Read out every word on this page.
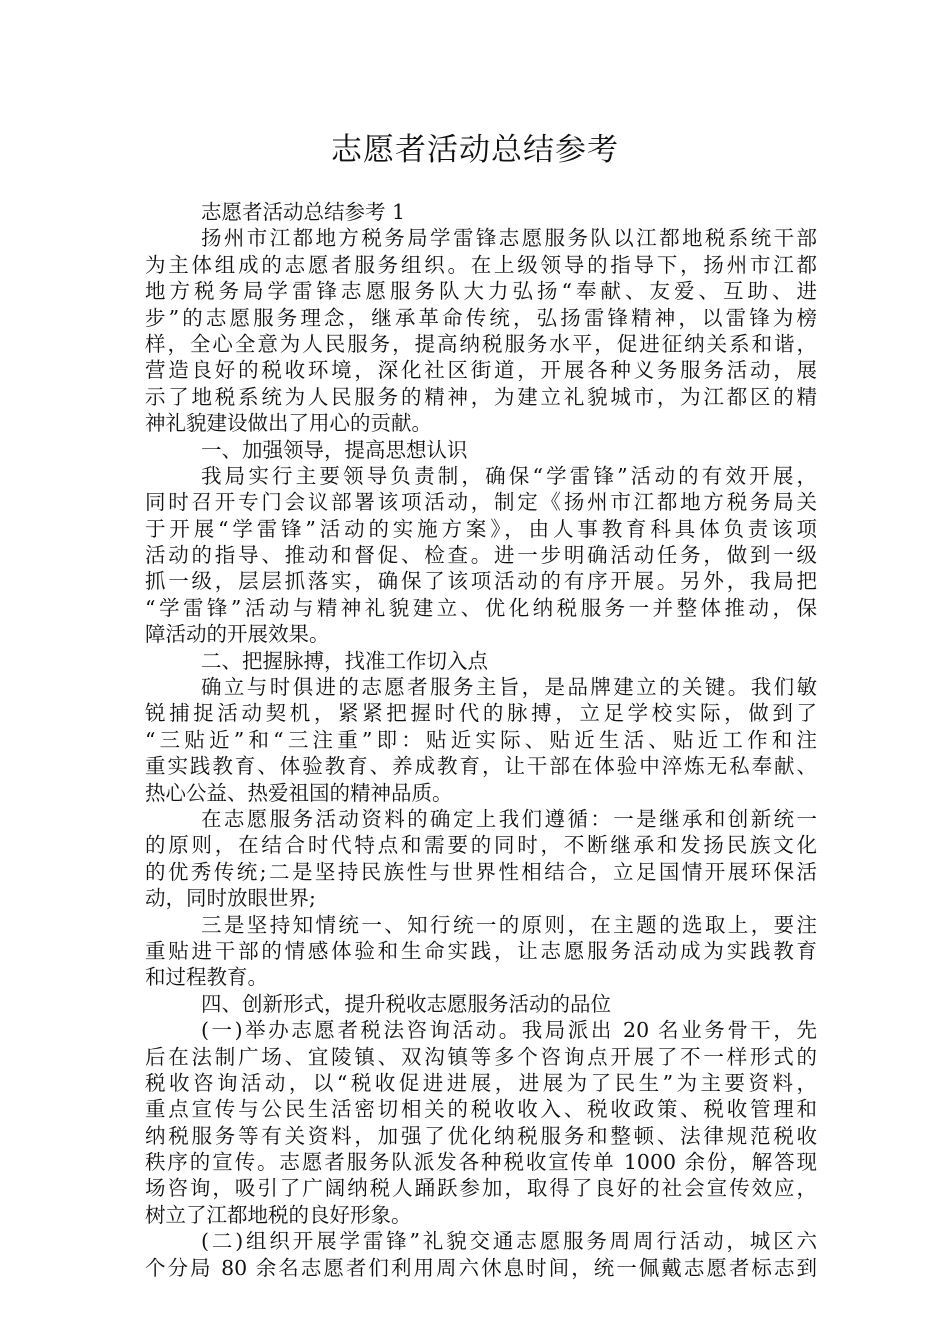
志愿者活动总结参考
志愿者活动总结参考 1
扬州市江都地方税务局学雷锋志愿服务队以江都地税系统干部
为主体组成的志愿者服务组织。在上级领导的指导下，扬州市江都
地方税务局学雷锋志愿服务队大力弘扬“奉献、友爱、互助、进
步”的志愿服务理念，继承革命传统，弘扬雷锋精神，以雷锋为榜
样，全心全意为人民服务，提高纳税服务水平，促进征纳关系和谐，
营造良好的税收环境，深化社区街道，开展各种义务服务活动，展
示了地税系统为人民服务的精神，为建立礼貌城市，为江都区的精
神礼貌建设做出了用心的贡献。
一、加强领导，提高思想认识
我局实行主要领导负责制，确保“学雷锋”活动的有效开展，
同时召开专门会议部署该项活动，制定《扬州市江都地方税务局关
于开展“学雷锋”活动的实施方案》，由人事教育科具体负责该项
活动的指导、推动和督促、检查。进一步明确活动任务，做到一级
抓一级，层层抓落实，确保了该项活动的有序开展。另外，我局把
“学雷锋”活动与精神礼貌建立、优化纳税服务一并整体推动，保
障活动的开展效果。
二、把握脉搏，找准工作切入点
确立与时俱进的志愿者服务主旨，是品牌建立的关键。我们敏
锐捕捉活动契机，紧紧把握时代的脉搏，立足学校实际，做到了
“三贴近”和“三注重”即：贴近实际、贴近生活、贴近工作和注
重实践教育、体验教育、养成教育，让干部在体验中淬炼无私奉献、
热心公益、热爱祖国的精神品质。
在志愿服务活动资料的确定上我们遵循：一是继承和创新统一
的原则，在结合时代特点和需要的同时，不断继承和发扬民族文化
的优秀传统;二是坚持民族性与世界性相结合，立足国情开展环保活
动，同时放眼世界;
三是坚持知情统一、知行统一的原则，在主题的选取上，要注
重贴进干部的情感体验和生命实践，让志愿服务活动成为实践教育
和过程教育。
四、创新形式，提升税收志愿服务活动的品位
(一)举办志愿者税法咨询活动。我局派出 20 名业务骨干，先
后在法制广场、宜陵镇、双沟镇等多个咨询点开展了不一样形式的
税收咨询活动，以“税收促进进展，进展为了民生”为主要资料，
重点宣传与公民生活密切相关的税收收入、税收政策、税收管理和
纳税服务等有关资料，加强了优化纳税服务和整顿、法律规范税收
秩序的宣传。志愿者服务队派发各种税收宣传单 1000 余份，解答现
场咨询，吸引了广阔纳税人踊跃参加，取得了良好的社会宣传效应，
树立了江都地税的良好形象。
(二)组织开展学雷锋”礼貌交通志愿服务周周行活动，城区六
个分局 80 余名志愿者们利用周六休息时间，统一佩戴志愿者标志到
